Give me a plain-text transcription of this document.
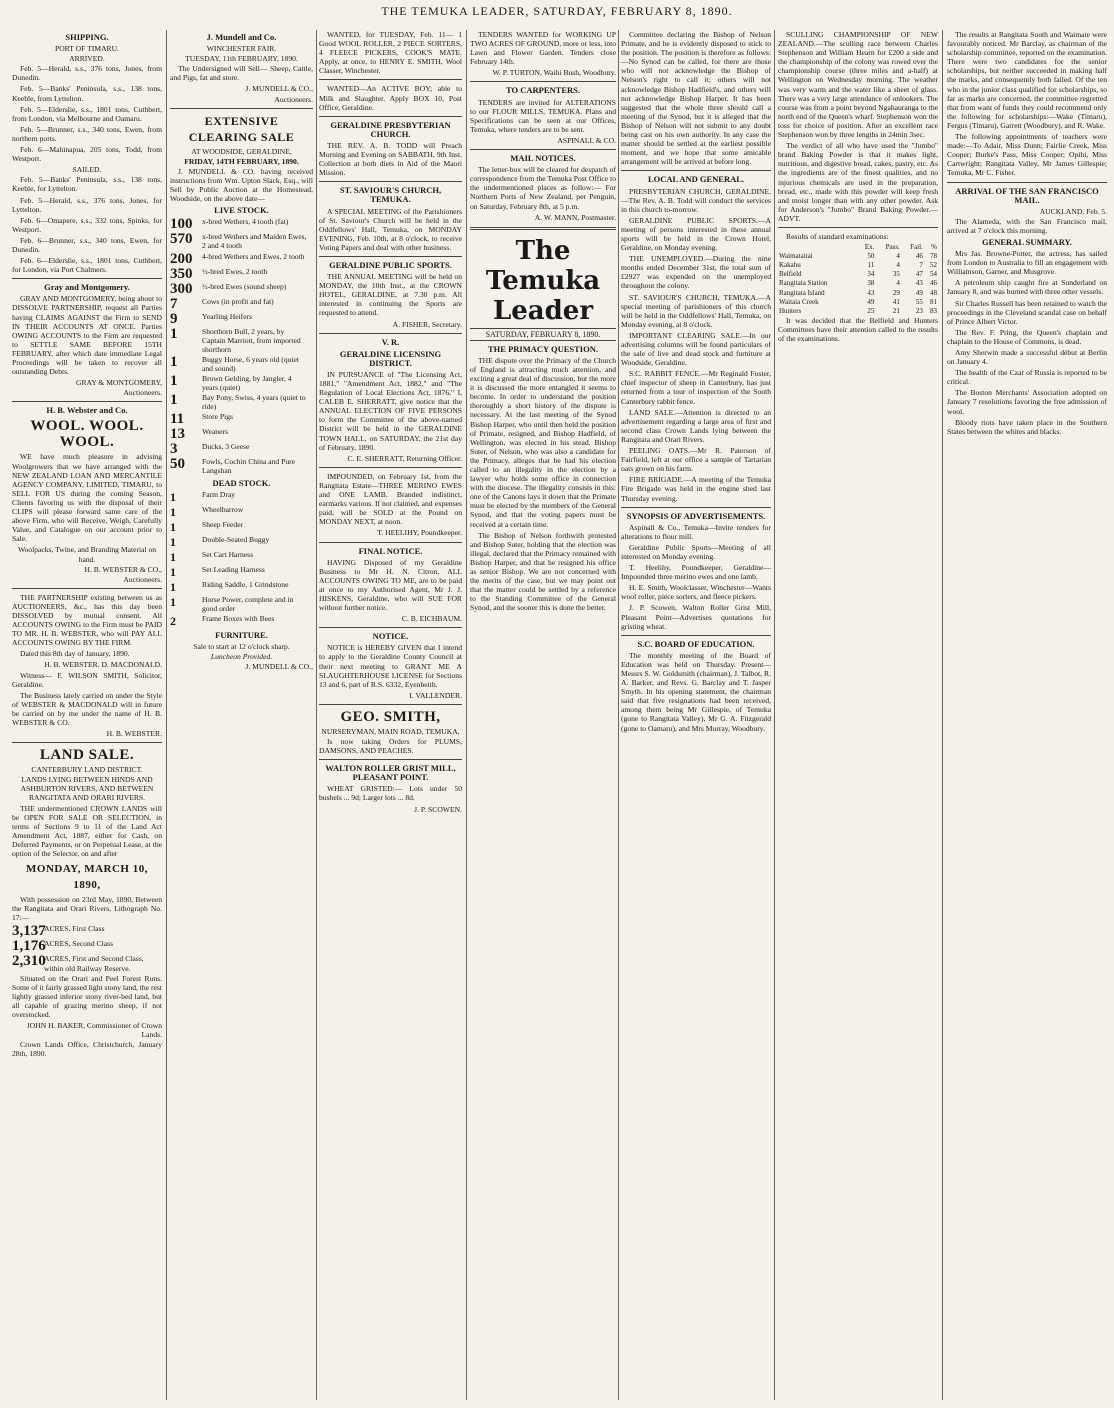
THE TEMUKA LEADER, SATURDAY, FEBRUARY 8, 1890.
SHIPPING.
PORT OF TIMARU.
ARRIVED.
Feb. 5—Herald, s.s., 376 tons, Jones, from Dunedin.
Feb. 5—Banks' Peninsula, s.s., 138 tons, Keeble, from Lyttelton.
Feb. 5—Elderslie, s.s., 1801 tons, Cuthbert, from London, via Melbourne and Oamaru.
Feb. 5—Brunner, s.s., 340 tons, Ewen, from northern ports.
Feb. 6—Mahinapua, 205 tons, Todd, from Westport.
SAILED.
Feb. 5—Banks' Peninsula, s.s., 138 tons, Keeble, for Lyttelton.
Feb. 5—Herald, s.s., 376 tons, Jones, for Lyttelton.
Feb. 6—Omapere, s.s., 332 tons, Spinks, for Westport.
Feb. 6—Brunner, s.s., 340 tons, Ewen, for Dunedin.
Feb. 6—Elderslie, s.s., 1801 tons, Cuthbert, for London, via Port Chalmers.
Gray and Montgomery.
GRAY AND MONTGOMERY, being about to DISSOLVE PARTNERSHIP, request all Parties having CLAIMS AGAINST the Firm to SEND IN THEIR ACCOUNTS AT ONCE. Parties OWING ACCOUNTS to the Firm are requested to SETTLE SAME BEFORE 15TH FEBRUARY, after which date immediate Legal Proceedings will be taken to recover all outstanding Debts.
GRAY & MONTGOMERY,
Auctioneers.
H. B. Webster and Co.
WOOL. WOOL. WOOL.
WE have much pleasure in advising Woolgrowers that we have arranged with the NEW ZEALAND LOAN AND MERCANTILE AGENCY COMPANY, LIMITED, TIMARU, to SELL FOR US during the coming Season, Clients favoring us with the disposal of their CLIPS will please forward same care of the above Firm, who will Receive, Weigh, Carefully Value, and Catalogue on our account prior to Sale.
Woolpacks, Twine, and Branding Material on hand.
H. B. WEBSTER & CO.,
Auctioneers.
THE PARTNERSHIP existing between us as AUCTIONEERS, &c., has this day been DISSOLVED by mutual consent. All ACCOUNTS OWING to the Firm must be PAID TO MR. H. B. WEBSTER, who will PAY ALL ACCOUNTS OWING BY THE FIRM.
Dated this 8th day of January, 1890.
H. B. WEBSTER. D. MACDONALD.
Witness— F. WILSON SMITH, Solicitor, Geraldine.
The Business lately carried on under the Style of WEBSTER & MACDONALD will in future be carried on by me under the name of H. B. WEBSTER & CO.
H. B. WEBSTER.
LAND SALE.
CANTERBURY LAND DISTRICT.
LANDS LYING BETWEEN HINDS AND ASHBURTON RIVERS, AND BETWEEN RANGITATA AND ORARI RIVERS.
THE undermentioned CROWN LANDS will be OPEN FOR SALE OR SELECTION, in terms of Sections 9 to 11 of the Land Act Amendment Act, 1887, either for Cash, on Deferred Payments, or on Perpetual Lease, at the option of the Selector, on and after
MONDAY, MARCH 10, 1890,
With possession on 23rd May, 1890, Between the Rangitata and Orari Rivers, Lithograph No. 17:—
3,137ACRES, First Class
1,176ACRES, Second Class
2,310ACRES, First and Second Class, within old Railway Reserve.
Situated on the Orari and Peel Forest Runs. Some of it fairly grassed light stony land, the rest lightly grassed inferior stony river-bed land, but all capable of grazing merino sheep, if not overstocked.
JOHN H. BAKER, Commissioner of Crown Lands.
Crown Lands Office, Christchurch, January 28th, 1890.
J. Mundell and Co.
WINCHESTER FAIR.
TUESDAY, 11th FEBRUARY, 1890.
The Undersigned will Sell— Sheep, Cattle, and Pigs, fat and store.
J. MUNDELL & CO.,
Auctioneers.
EXTENSIVE CLEARING SALE
AT WOODSIDE, GERALDINE,
FRIDAY, 14TH FEBRUARY, 1890.
J. MUNDELL & CO. having received instructions from Wm. Upton Slack, Esq., will Sell by Public Auction at the Homestead, Woodside, on the above date—
LIVE STOCK.
100 x-bred Wethers, 4 tooth (fat)
570 x-bred Wethers and Maiden Ewes, 2 and 4 tooth
200 4-bred Wethers and Ewes, 2 tooth
350 ½-bred Ewes, 2 tooth
300 ½-bred Ewes (sound sheep)
7	Cows (in profit and fat)
9	Yearling Heifers
1	Shorthorn Bull, 2 years, by Captain Marriott, from imported shorthorn
1	Buggy Horse, 6 years old (quiet and sound)
1	Brown Gelding, by Jangler, 4 years (quiet)
1	Bay Pony, Swiss, 4 years (quiet to ride)
11 Store Pigs
13 Weaners
3	Ducks, 3 Geese
50 Fowls, Cochin China and Pure Langshan
DEAD STOCK.
1	Farm Dray
1	Wheelbarrow
1	Sheep Feeder
1	Double-Seated Buggy
1	Set Cart Harness
1	Set Leading Harness
1	Riding Saddle, 1 Grindstone
1	Horse Power, complete and in good order
2	Frame Boxes with Bees
FURNITURE.
Sale to start at 12 o'clock sharp.
Luncheon Provided.
J. MUNDELL & CO.,
WANTED, for TUESDAY, Feb. 11— 1 Good WOOL ROLLER, 2 PIECE SORTERS, 4 FLEECE PICKERS, COOK'S MATE. Apply, at once, to HENRY E. SMITH, Wool Classer, Winchester.
WANTED—An ACTIVE BOY; able to Milk and Slaughter. Apply BOX 10, Post Office, Geraldine.
GERALDINE PRESBYTERIAN CHURCH.
THE REV. A. B. TODD will Preach Morning and Evening on SABBATH, 9th Inst. Collection at both diets in Aid of the Maori Mission.
ST. SAVIOUR'S CHURCH, TEMUKA.
A SPECIAL MEETING of the Parishioners of St. Saviour's Church will be held in the Oddfellows' Hall, Temuka, on MONDAY EVENING, Feb. 10th, at 8 o'clock, to receive Voting Papers and deal with other business.
GERALDINE PUBLIC SPORTS.
THE ANNUAL MEETING will be held on MONDAY, the 10th Inst., at the CROWN HOTEL, GERALDINE, at 7.30 p.m. All interested in continuing the Sports are requested to attend.
A. FISHER, Secretary.
V. R.
GERALDINE LICENSING DISTRICT.
IN PURSUANCE of "The Licensing Act, 1881," "Amendment Act, 1882," and "The Regulation of Local Elections Act, 1876," I, CALEB E. SHERRATT, give notice that the ANNUAL ELECTION OF FIVE PERSONS to form the Committee of the above-named District will be held in the GERALDINE TOWN HALL, on SATURDAY, the 21st day of February, 1890.
C. E. SHERRATT, Returning Officer.
IMPOUNDED, on February 1st, from the Rangitata Estate—THREE MERINO EWES and ONE LAMB. Branded indistinct, earmarks various. If not claimed, and expenses paid, will be SOLD at the Pound on MONDAY NEXT, at noon.
T. HEELIHY, Poundkeeper.
FINAL NOTICE.
HAVING Disposed of my Geraldine Business to Mr H. N. Citron, ALL ACCOUNTS OWING TO ME, are to be paid at once to my Authorised Agent, Mr J. J. HISKENS, Geraldine, who will SUE FOR without further notice.
C. B. EICHBAUM.
NOTICE.
NOTICE is HEREBY GIVEN that I intend to apply to the Geraldine County Council at their next meeting to GRANT ME A SLAUGHTERHOUSE LICENSE for Sections 13 and 6, part of R.S. 6332, Eyenbeith.
I. VALLENDER.
GEO. SMITH,
NURSERYMAN, MAIN ROAD, TEMUKA,
Is now taking Orders for PLUMS, DAMSONS, AND PEACHES.
WALTON ROLLER GRIST MILL, PLEASANT POINT.
WHEAT GRISTED:— Lots under 50 bushels ... 9d; Larger lots ... 8d.
J. P. SCOWEN.
TENDERS WANTED for WORKING UP TWO ACRES OF GROUND, more or less, into Lawn and Flower Garden. Tenders close February 14th.
W. P. TURTON, Waihi Bush, Woodbury.
TO CARPENTERS.
TENDERS are invited for ALTERATIONS to our FLOUR MILLS, TEMUKA. Plans and Specifications can be seen at our Offices, Temuka, where tenders are to be sent.
ASPINALL & CO.
MAIL NOTICES.
The letter-box will be cleared for despatch of correspondence from the Temuka Post Office to the undermentioned places as follow:— For Northern Ports of New Zealand, per Penguin, on Saturday, February 8th, at 5 p.m.
A. W. MANN, Postmaster.
The Temuka Leader
SATURDAY, FEBRUARY 8, 1890.
THE PRIMACY QUESTION.
THE dispute over the Primacy of the Church of England is attracting much attention, and exciting a great deal of discussion, but the more it is discussed the more entangled it seems to become. In order to understand the position thoroughly a short history of the dispute is necessary. At the last meeting of the Synod Bishop Harper, who until then held the position of Primate, resigned, and Bishop Hadfield, of Wellington, was elected in his stead. Bishop Suter, of Nelson, who was also a candidate for the Primacy, alleges that he had his election called to an illegality in the election by a lawyer who holds some office in connection with the diocese. The illegality consists in this: one of the Canons lays it down that the Primate must be elected by the members of the General Synod, and that the voting papers must be received at a certain time.
The Bishop of Nelson forthwith protested and Bishop Suter, holding that the election was illegal, declared that the Primacy remained with Bishop Harper, and that he resigned his office as senior Bishop. We are not concerned with the merits of the case, but we may point out that the matter could be settled by a reference to the Standing Committee of the General Synod, and the sooner this is done the better.
Committee declaring the Bishop of Nelson Primate, and he is evidently disposed to stick to the position. The position is therefore as follows:—No Synod can be called, for there are those who will not acknowledge the Bishop of Nelson's right to call it; others will not acknowledge Bishop Hadfield's, and others will not acknowledge Bishop Harper. It has been suggested that the whole three should call a meeting of the Synod, but it is alleged that the Bishop of Nelson will not submit to any doubt being cast on his own authority. In any case the matter should be settled at the earliest possible moment, and we hope that some amicable arrangement will be arrived at before long.
LOCAL AND GENERAL.
PRESBYTERIAN CHURCH, GERALDINE.—The Rev. A. B. Todd will conduct the services in this church to-morrow.
GERALDINE PUBLIC SPORTS.—A meeting of persons interested in these annual sports will be held in the Crown Hotel, Geraldine, on Monday evening.
THE UNEMPLOYED.—During the nine months ended December 31st, the total sum of £2927 was expended on the unemployed throughout the colony.
ST. SAVIOUR'S CHURCH, TEMUKA.—A special meeting of parishioners of this church will be held in the Oddfellows' Hall, Temuka, on Monday evening, at 8 o'clock.
IMPORTANT CLEARING SALE.—In our advertising columns will be found particulars of the sale of live and dead stock and furniture at Woodside, Geraldine.
S.C. RABBIT FENCE.—Mr Reginald Foster, chief inspector of sheep in Canterbury, has just returned from a tour of inspection of the South Canterbury rabbit fence.
LAND SALE.—Attention is directed to an advertisement regarding a large area of first and second class Crown Lands lying between the Rangitata and Orari Rivers.
PEELING OATS.—Mr R. Paterson of Fairfield, left at our office a sample of Tartarian oats grown on his farm.
FIRE BRIGADE.—A meeting of the Temuka Fire Brigade was held in the engine shed last Thursday evening.
SYNOPSIS OF ADVERTISEMENTS.
Aspinall & Co., Temuka—Invite tenders for alterations to flour mill.
Geraldine Public Sports—Meeting of all interested on Monday evening.
T. Heelihy, Poundkeeper, Geraldine—Impounded three merino ewes and one lamb.
H. E. Smith, Woolclasser, Winchester—Wants wool roller, piece sorters, and fleece pickers.
J. P. Scowen, Walton Roller Grist Mill, Pleasant Point—Advertises quotations for gristing wheat.
S.C. BOARD OF EDUCATION.
The monthly meeting of the Board of Education was held on Thursday. Present—Messrs S. W. Goldsmith (chairman), J. Talbot, R. A. Barker, and Revs. G. Barclay and T. Jasper Smyth. In his opening statement, the chairman said that five resignations had been received, among them being Mr Gillespie, of Temuka (gone to Rangitata Valley), Mr G. A. Fitzgerald (gone to Oamaru), and Mrs Murray, Woodbury.
SCULLING CHAMPIONSHIP OF NEW ZEALAND.—The sculling race between Charles Stephenson and William Hearn for £200 a side and the championship of the colony was rowed over the championship course (three miles and a-half) at Wellington on Wednesday morning. The weather was very warm and the water like a sheet of glass. There was a very large attendance of onlookers. The course was from a point beyond Ngahauranga to the north end of the Queen's wharf. Stephenson won the toss for choice of position. After an excellent race Stephenson won by three lengths in 24min 3sec.
The verdict of all who have used the "Jumbo" brand Baking Powder is that it makes light, nutritious, and digestive bread, cakes, pastry, etc. As the ingredients are of the finest qualities, and no injurious chemicals are used in the preparation, bread, etc., made with this powder will keep fresh and moist longer than with any other powder. Ask for Anderson's "Jumbo" Brand Baking Powder.—ADVT.
Results of standard examinations:
	Ex.	Pass.	Fail.	%
Waimataitai	50	4	46	78
Kakahu	11	4	7	52
Belfield	34	35	47	54
Rangitata Station	38	4	43	46
Rangitata Island	43	29	49	48
Waitaia Creek	49	41	55	81
Hunters	25	21	23	83
It was decided that the Belfield and Hunters Committees have their attention called to the results of the examinations.
The results at Rangitata South and Waimate were favourably noticed. Mr Barclay, as chairman of the scholarship committee, reported on the examination. There were two candidates for the senior scholarships, but neither succeeded in making half the marks, and consequently both failed. Of the ten who in the junior class qualified for scholarships, so far as marks are concerned, the committee regretted that from want of funds they could recommend only the following for scholarships:—Wake (Timaru), Fergus (Timaru), Garrett (Woodbury), and R. Wake.
The following appointments of teachers were made:—To Adair, Miss Dunn; Fairlie Creek, Miss Cooper; Burke's Pass, Miss Cooper; Opihi, Miss Cartwright; Rangitata Valley, Mr James Gillespie; Temuka, Mr C. Fisher.
ARRIVAL OF THE SAN FRANCISCO MAIL.
AUCKLAND, Feb. 5.
The Alameda, with the San Francisco mail, arrived at 7 o'clock this morning.
GENERAL SUMMARY.
Mrs Jas. Browne-Potter, the actress, has sailed from London to Australia to fill an engagement with Williamson, Garner, and Musgrove.
A petroleum ship caught fire at Sunderland on January 8, and was burned with three other vessels.
Sir Charles Russell has been retained to watch the proceedings in the Cleveland scandal case on behalf of Prince Albert Victor.
The Rev. F. Pring, the Queen's chaplain and chaplain to the House of Commons, is dead.
Amy Sherwin made a successful début at Berlin on January 4.
The health of the Czar of Russia is reported to be critical.
The Boston Merchants' Association adopted on January 7 resolutions favoring the free admission of wool.
Bloody riots have taken place in the Southern States between the whites and blacks.
